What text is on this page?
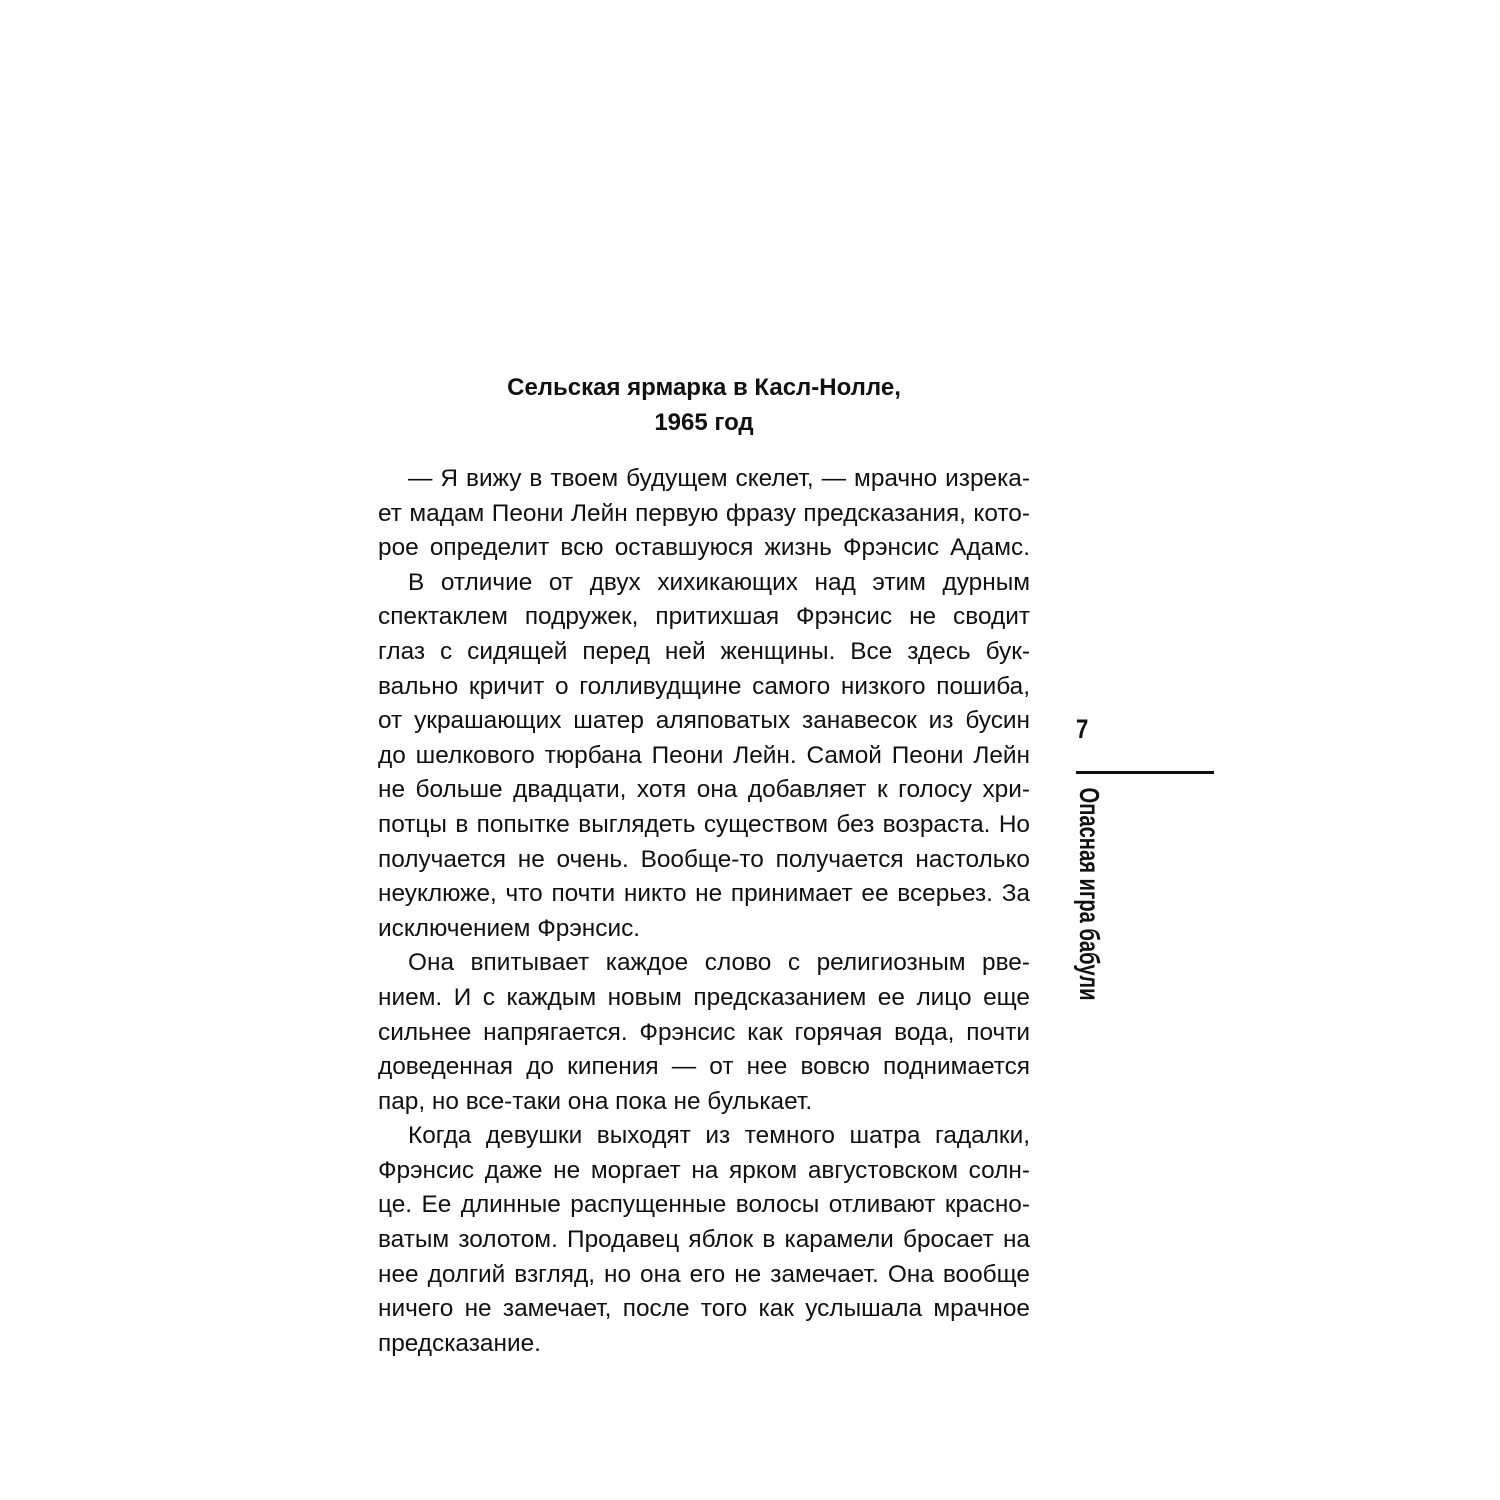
Сельская ярмарка в Касл-Нолле,
1965 год
— Я вижу в твоем будущем скелет, — мрачно изрека-
ет мадам Пеони Лейн первую фразу предсказания, кото-
рое определит всю оставшуюся жизнь Фрэнсис Адамс.
В отличие от двух хихикающих над этим дурным
спектаклем подружек, притихшая Фрэнсис не сводит
глаз с сидящей перед ней женщины. Все здесь бук-
вально кричит о голливудщине самого низкого пошиба,
от украшающих шатер аляповатых занавесок из бусин
до шелкового тюрбана Пеони Лейн. Самой Пеони Лейн
не больше двадцати, хотя она добавляет к голосу хри-
потцы в попытке выглядеть существом без возраста. Но
получается не очень. Вообще-то получается настолько
неуклюже, что почти никто не принимает ее всерьез. За
исключением Фрэнсис.
Она впитывает каждое слово с религиозным рве-
нием. И с каждым новым предсказанием ее лицо еще
сильнее напрягается. Фрэнсис как горячая вода, почти
доведенная до кипения — от нее вовсю поднимается
пар, но все-таки она пока не булькает.
Когда девушки выходят из темного шатра гадалки,
Фрэнсис даже не моргает на ярком августовском солн-
це. Ее длинные распущенные волосы отливают красно-
ватым золотом. Продавец яблок в карамели бросает на
нее долгий взгляд, но она его не замечает. Она вообще
ничего не замечает, после того как услышала мрачное
предсказание.
7
Опасная игра бабули
